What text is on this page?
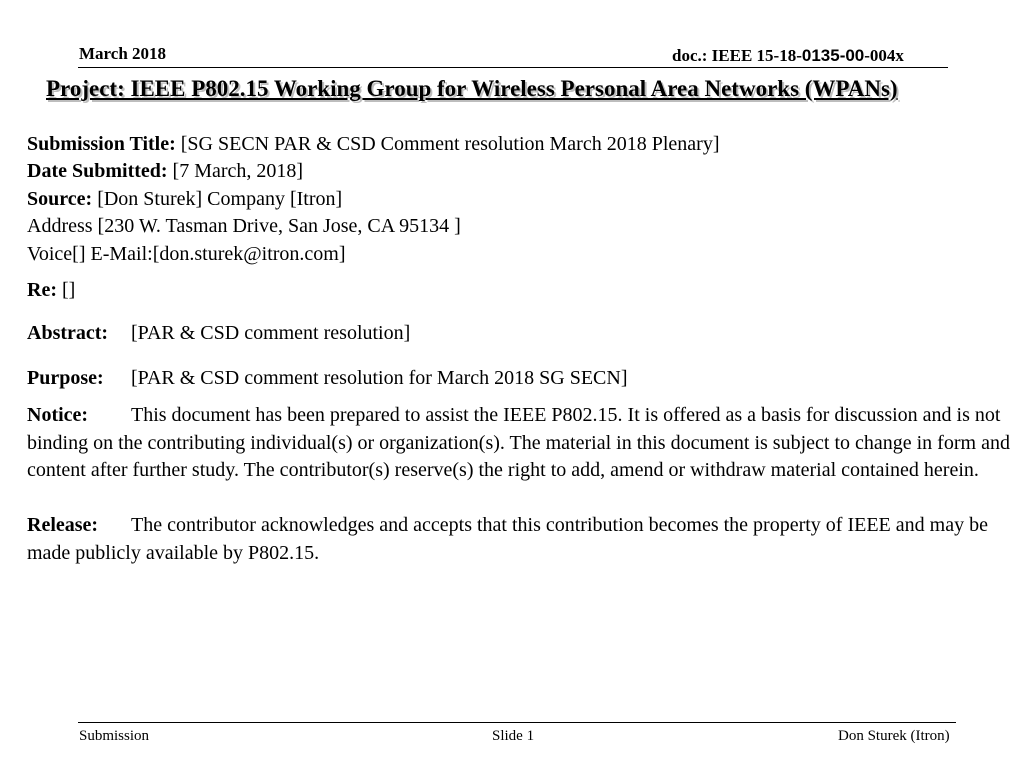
March 2018	doc.: IEEE 15-18-0135-00-004x
Project: IEEE P802.15 Working Group for Wireless Personal Area Networks (WPANs)
Submission Title: [SG SECN PAR & CSD Comment resolution March 2018 Plenary]
Date Submitted: [7 March, 2018]
Source: [Don Sturek] Company [Itron]
Address [230 W. Tasman Drive, San Jose, CA 95134 ]
Voice[] E-Mail:[don.sturek@itron.com]
Re: []
Abstract: [PAR & CSD comment resolution]
Purpose: [PAR & CSD comment resolution for March 2018 SG SECN]
Notice: This document has been prepared to assist the IEEE P802.15. It is offered as a basis for discussion and is not binding on the contributing individual(s) or organization(s). The material in this document is subject to change in form and content after further study. The contributor(s) reserve(s) the right to add, amend or withdraw material contained herein.
Release: The contributor acknowledges and accepts that this contribution becomes the property of IEEE and may be made publicly available by P802.15.
Submission	Slide 1	Don Sturek (Itron)
